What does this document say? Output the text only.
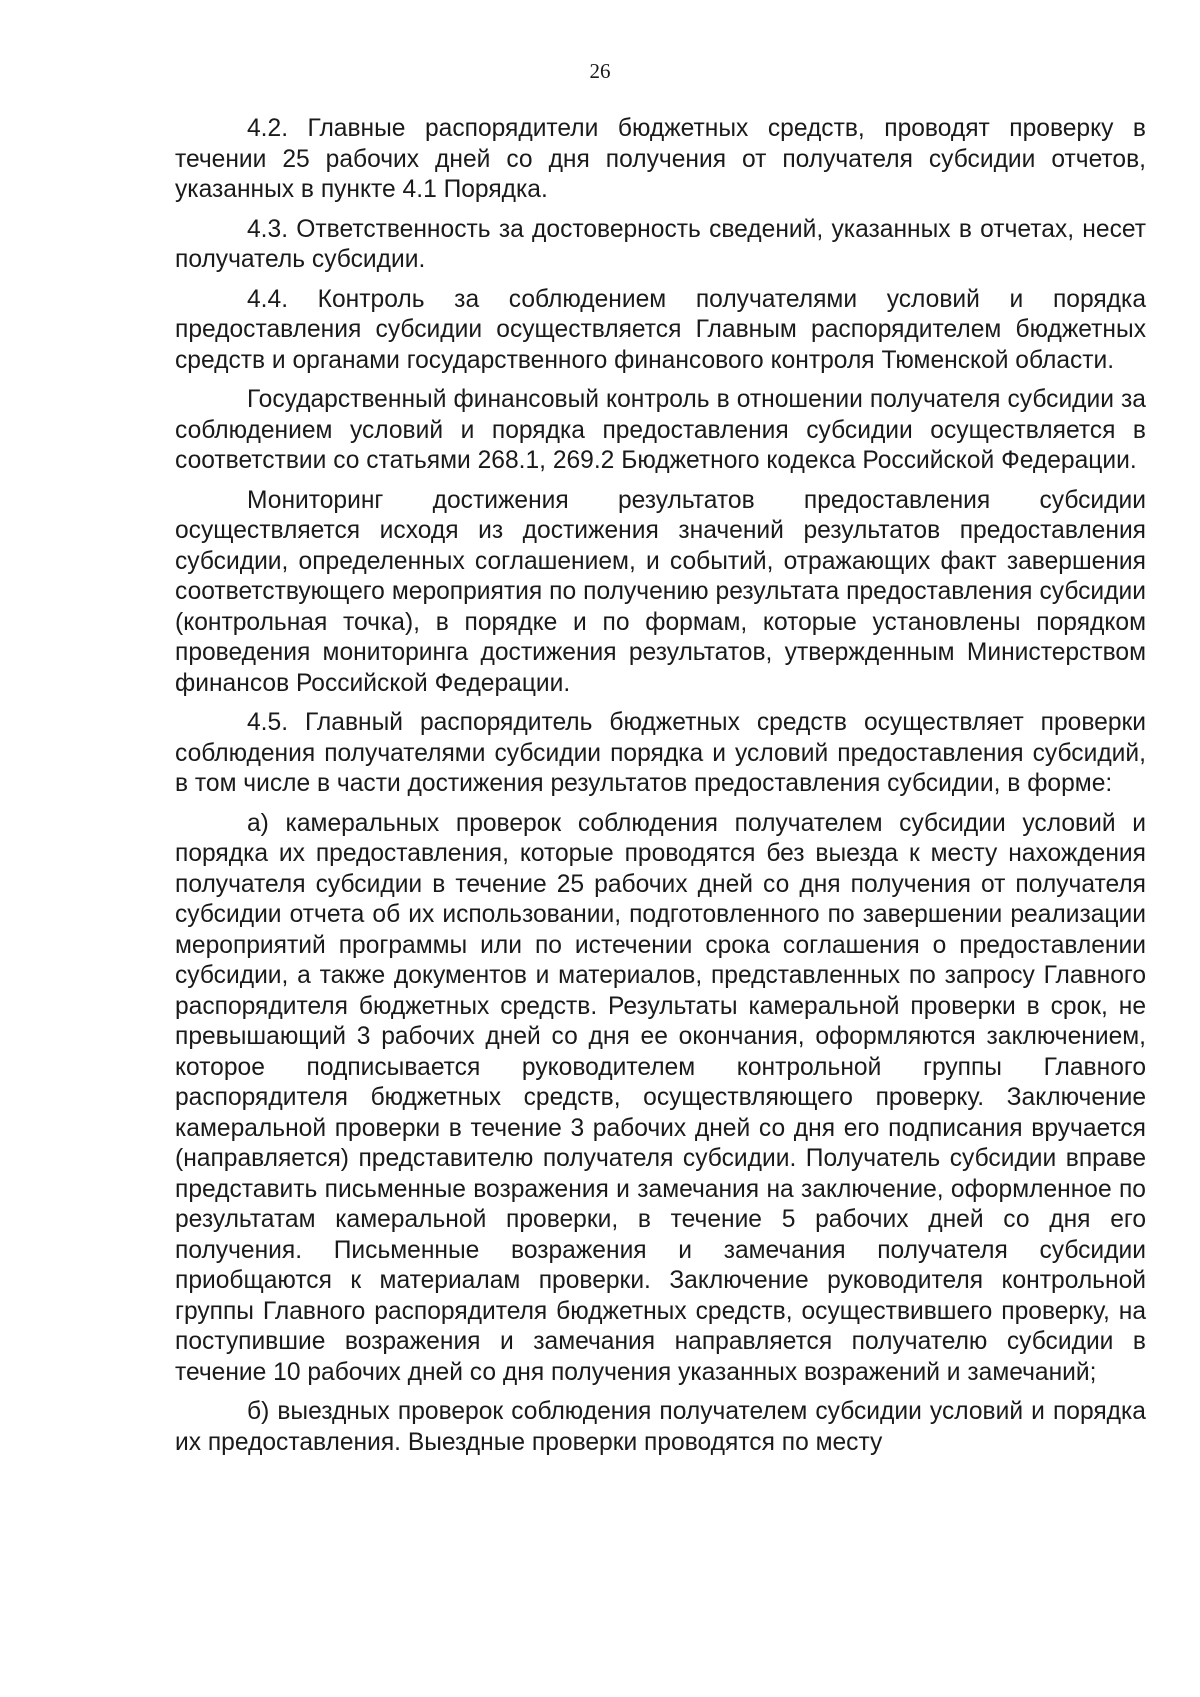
26

4.2. Главные распорядители бюджетных средств, проводят проверку в течении 25 рабочих дней со дня получения от получателя субсидии отчетов, указанных в пункте 4.1 Порядка.

4.3. Ответственность за достоверность сведений, указанных в отчетах, несет получатель субсидии.

4.4. Контроль за соблюдением получателями условий и порядка предоставления субсидии осуществляется Главным распорядителем бюджетных средств и органами государственного финансового контроля Тюменской области.

Государственный финансовый контроль в отношении получателя субсидии за соблюдением условий и порядка предоставления субсидии осуществляется в соответствии со статьями 268.1, 269.2 Бюджетного кодекса Российской Федерации.

Мониторинг достижения результатов предоставления субсидии осуществляется исходя из достижения значений результатов предоставления субсидии, определенных соглашением, и событий, отражающих факт завершения соответствующего мероприятия по получению результата предоставления субсидии (контрольная точка), в порядке и по формам, которые установлены порядком проведения мониторинга достижения результатов, утвержденным Министерством финансов Российской Федерации.

4.5. Главный распорядитель бюджетных средств осуществляет проверки соблюдения получателями субсидии порядка и условий предоставления субсидий, в том числе в части достижения результатов предоставления субсидии, в форме:

а) камеральных проверок соблюдения получателем субсидии условий и порядка их предоставления, которые проводятся без выезда к месту нахождения получателя субсидии в течение 25 рабочих дней со дня получения от получателя субсидии отчета об их использовании, подготовленного по завершении реализации мероприятий программы или по истечении срока соглашения о предоставлении субсидии, а также документов и материалов, представленных по запросу Главного распорядителя бюджетных средств. Результаты камеральной проверки в срок, не превышающий 3 рабочих дней со дня ее окончания, оформляются заключением, которое подписывается руководителем контрольной группы Главного распорядителя бюджетных средств, осуществляющего проверку. Заключение камеральной проверки в течение 3 рабочих дней со дня его подписания вручается (направляется) представителю получателя субсидии. Получатель субсидии вправе представить письменные возражения и замечания на заключение, оформленное по результатам камеральной проверки, в течение 5 рабочих дней со дня его получения. Письменные возражения и замечания получателя субсидии приобщаются к материалам проверки. Заключение руководителя контрольной группы Главного распорядителя бюджетных средств, осуществившего проверку, на поступившие возражения и замечания направляется получателю субсидии в течение 10 рабочих дней со дня получения указанных возражений и замечаний;

б) выездных проверок соблюдения получателем субсидии условий и порядка их предоставления. Выездные проверки проводятся по месту
